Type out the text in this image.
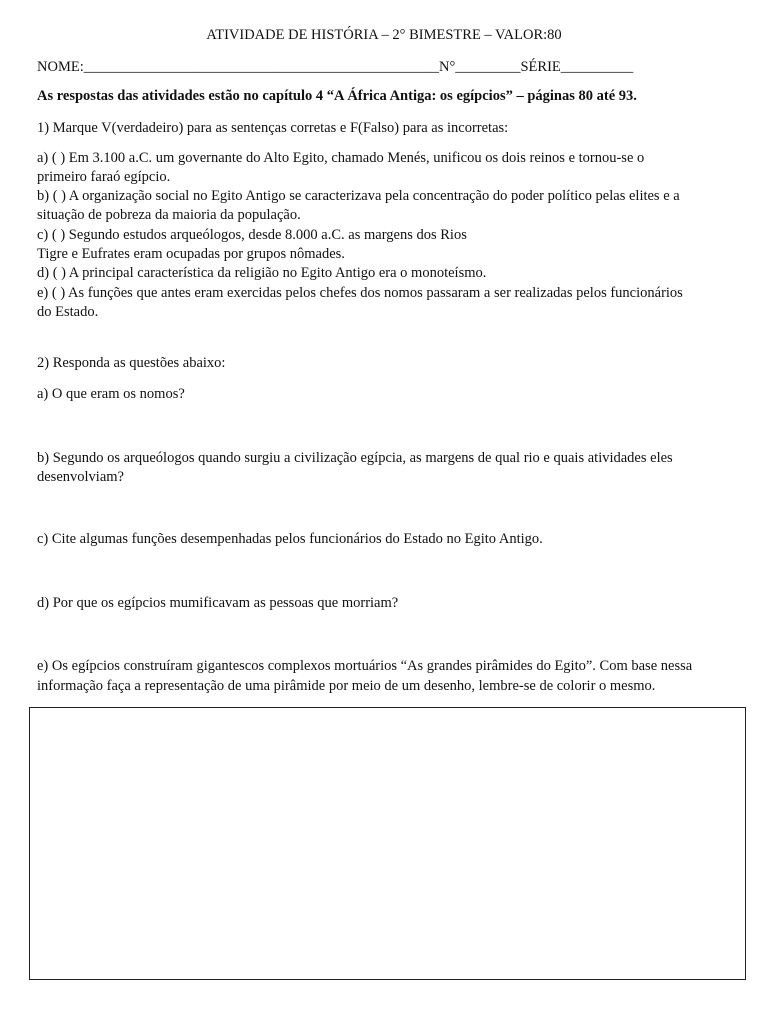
ATIVIDADE DE HISTÓRIA – 2° BIMESTRE – VALOR:80
NOME:_________________________________________________N°_________SÉRIE__________
As respostas das atividades estão no capítulo 4 “A África Antiga: os egípcios” – páginas 80 até 93.
1) Marque V(verdadeiro) para as sentenças corretas e F(Falso) para as incorretas:
a) ( ) Em 3.100 a.C. um governante do Alto Egito, chamado Menés, unificou os dois reinos e tornou-se o
primeiro faraó egípcio.
b) ( ) A organização social no Egito Antigo se caracterizava pela concentração do poder político pelas elites e a
situação de pobreza da maioria da população.
c) ( ) Segundo estudos arqueólogos, desde 8.000 a.C. as margens dos Rios
Tigre e Eufrates eram ocupadas por grupos nômades.
d) ( ) A principal característica da religião no Egito Antigo era o monoteísmo.
e) ( ) As funções que antes eram exercidas pelos chefes dos nomos passaram a ser realizadas pelos funcionários
do Estado.
2) Responda as questões abaixo:
a) O que eram os nomos?
b) Segundo os arqueólogos quando surgiu a civilização egípcia, as margens de qual rio e quais atividades eles
desenvolviam?
c) Cite algumas funções desempenhadas pelos funcionários do Estado no Egito Antigo.
d) Por que os egípcios mumificavam as pessoas que morriam?
e) Os egípcios construíram gigantescos complexos mortuários “As grandes pirâmides do Egito”. Com base nessa
informação faça a representação de uma pirâmide por meio de um desenho, lembre-se de colorir o mesmo.
